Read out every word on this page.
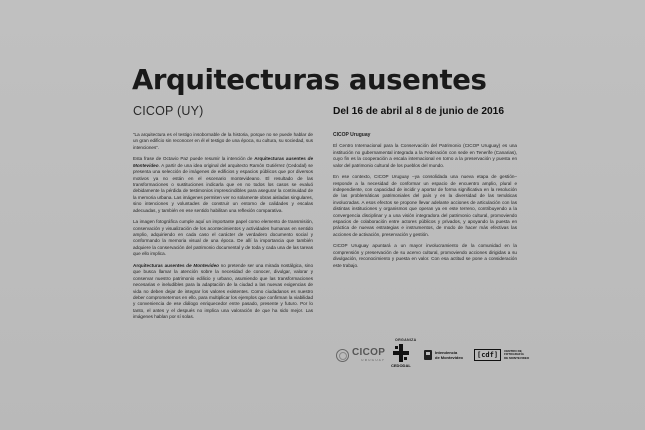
Arquitecturas ausentes
CICOP (UY)	Del 16 de abril al 8 de junio de 2016

“La arquitectura es el testigo insobornable de la historia, porque no se puede hablar de un gran edificio sin reconocer en él el testigo de una época, su cultura, su sociedad, sus intenciones”.

Esta frase de Octavio Paz puede resumir la intención de Arquitecturas ausentes de Montevideo. A partir de una idea original del arquitecto Ramón Gutiérrez (Cedodal) se presenta una selección de imágenes de edificios y espacios públicos que por diversos motivos ya no están en el escenario montevideano. El resultado de las transformaciones o sustituciones indicarla que en no todos los casos se evaluó debidamente la pérdida de testimonios imprescindibles para asegurar la continuidad de la memoria urbana. Las imágenes permiten ver no solamente obras aisladas singulares, sino intenciones y voluntades de construir un entorno de calidades y escalas adecuadas, y también en ese sentido habilitan una reflexión comparativa.

La imagen fotográfica cumple aquí un importante papel como elemento de transmisión, conservación y visualización de los acontecimientos y actividades humanas en sentido amplio, adquiriendo en cada caso el carácter de verdadero documento social y conformando la memoria visual de una época. De allí la importancia que también adquiere la conservación del patrimonio documental y de toda y cada una de las tareas que ello implica.

Arquitecturas ausentes de Montevideo no pretende ser una mirada nostálgica, sino que busca llamar la atención sobre la necesidad de conocer, divulgar, valorar y conservar nuestro patrimonio edilicio y urbano, asumiendo que las transformaciones necesarias e ineludibles para la adaptación de la ciudad a las nuevas exigencias de vida no deben dejar de integrar los valores existentes. Como ciudadanos es nuestro deber comprometernos en ello, para multiplicar los ejemplos que confirman la viabilidad y conveniencia de ese diálogo enriquecedor entre pasado, presente y futuro. Por lo tanto, el antes y el después no implica una valoración de que ha sido mejor. Las imágenes hablan por sí solas.

CICOP Uruguay

El Centro Internacional para la Conservación del Patrimonio (CICOP Uruguay) es una institución no gubernamental integrada a la Federación con sede en Tenerife (Canarias), cuyo fin es la cooperación a escala internacional en torno a la preservación y puesta en valor del patrimonio cultural de los pueblos del mundo.

En ese contexto, CICOP Uruguay –ya consolidada una nueva etapa de gestión– responde a la necesidad de conformar un espacio de encuentro amplio, plural e independiente, con capacidad de incidir y aportar de forma significativa en la resolución de las problemáticas patrimoniales del país y en la diversidad de las temáticas involucradas. A esos efectos se propone llevar adelante acciones de articulación con las distintas instituciones y organismos que operan ya en este terreno, contribuyendo a la convergencia disciplinar y a una visión integradora del patrimonio cultural, promoviendo espacios de colaboración entre actores públicos y privados, y apoyando la puesta en práctica de nuevas estrategias e instrumentos, de modo de hacer más efectivas las acciones de activación, preservación y gestión.

CICOP Uruguay apuntará a un mayor involucramiento de la comunidad en la comprensión y preservación de su acervo cultural, promoviendo acciones dirigidas a su divulgación, reconocimiento y puesta en valor. Con esa actitud se pone a consideración este trabajo.

ORGANIZA
CICOP
URUGUAY
CEDODAL
Intendencia
de Montevideo	[cdf]
CENTRO DE
FOTOGRAFÍA
DE MONTEVIDEO
